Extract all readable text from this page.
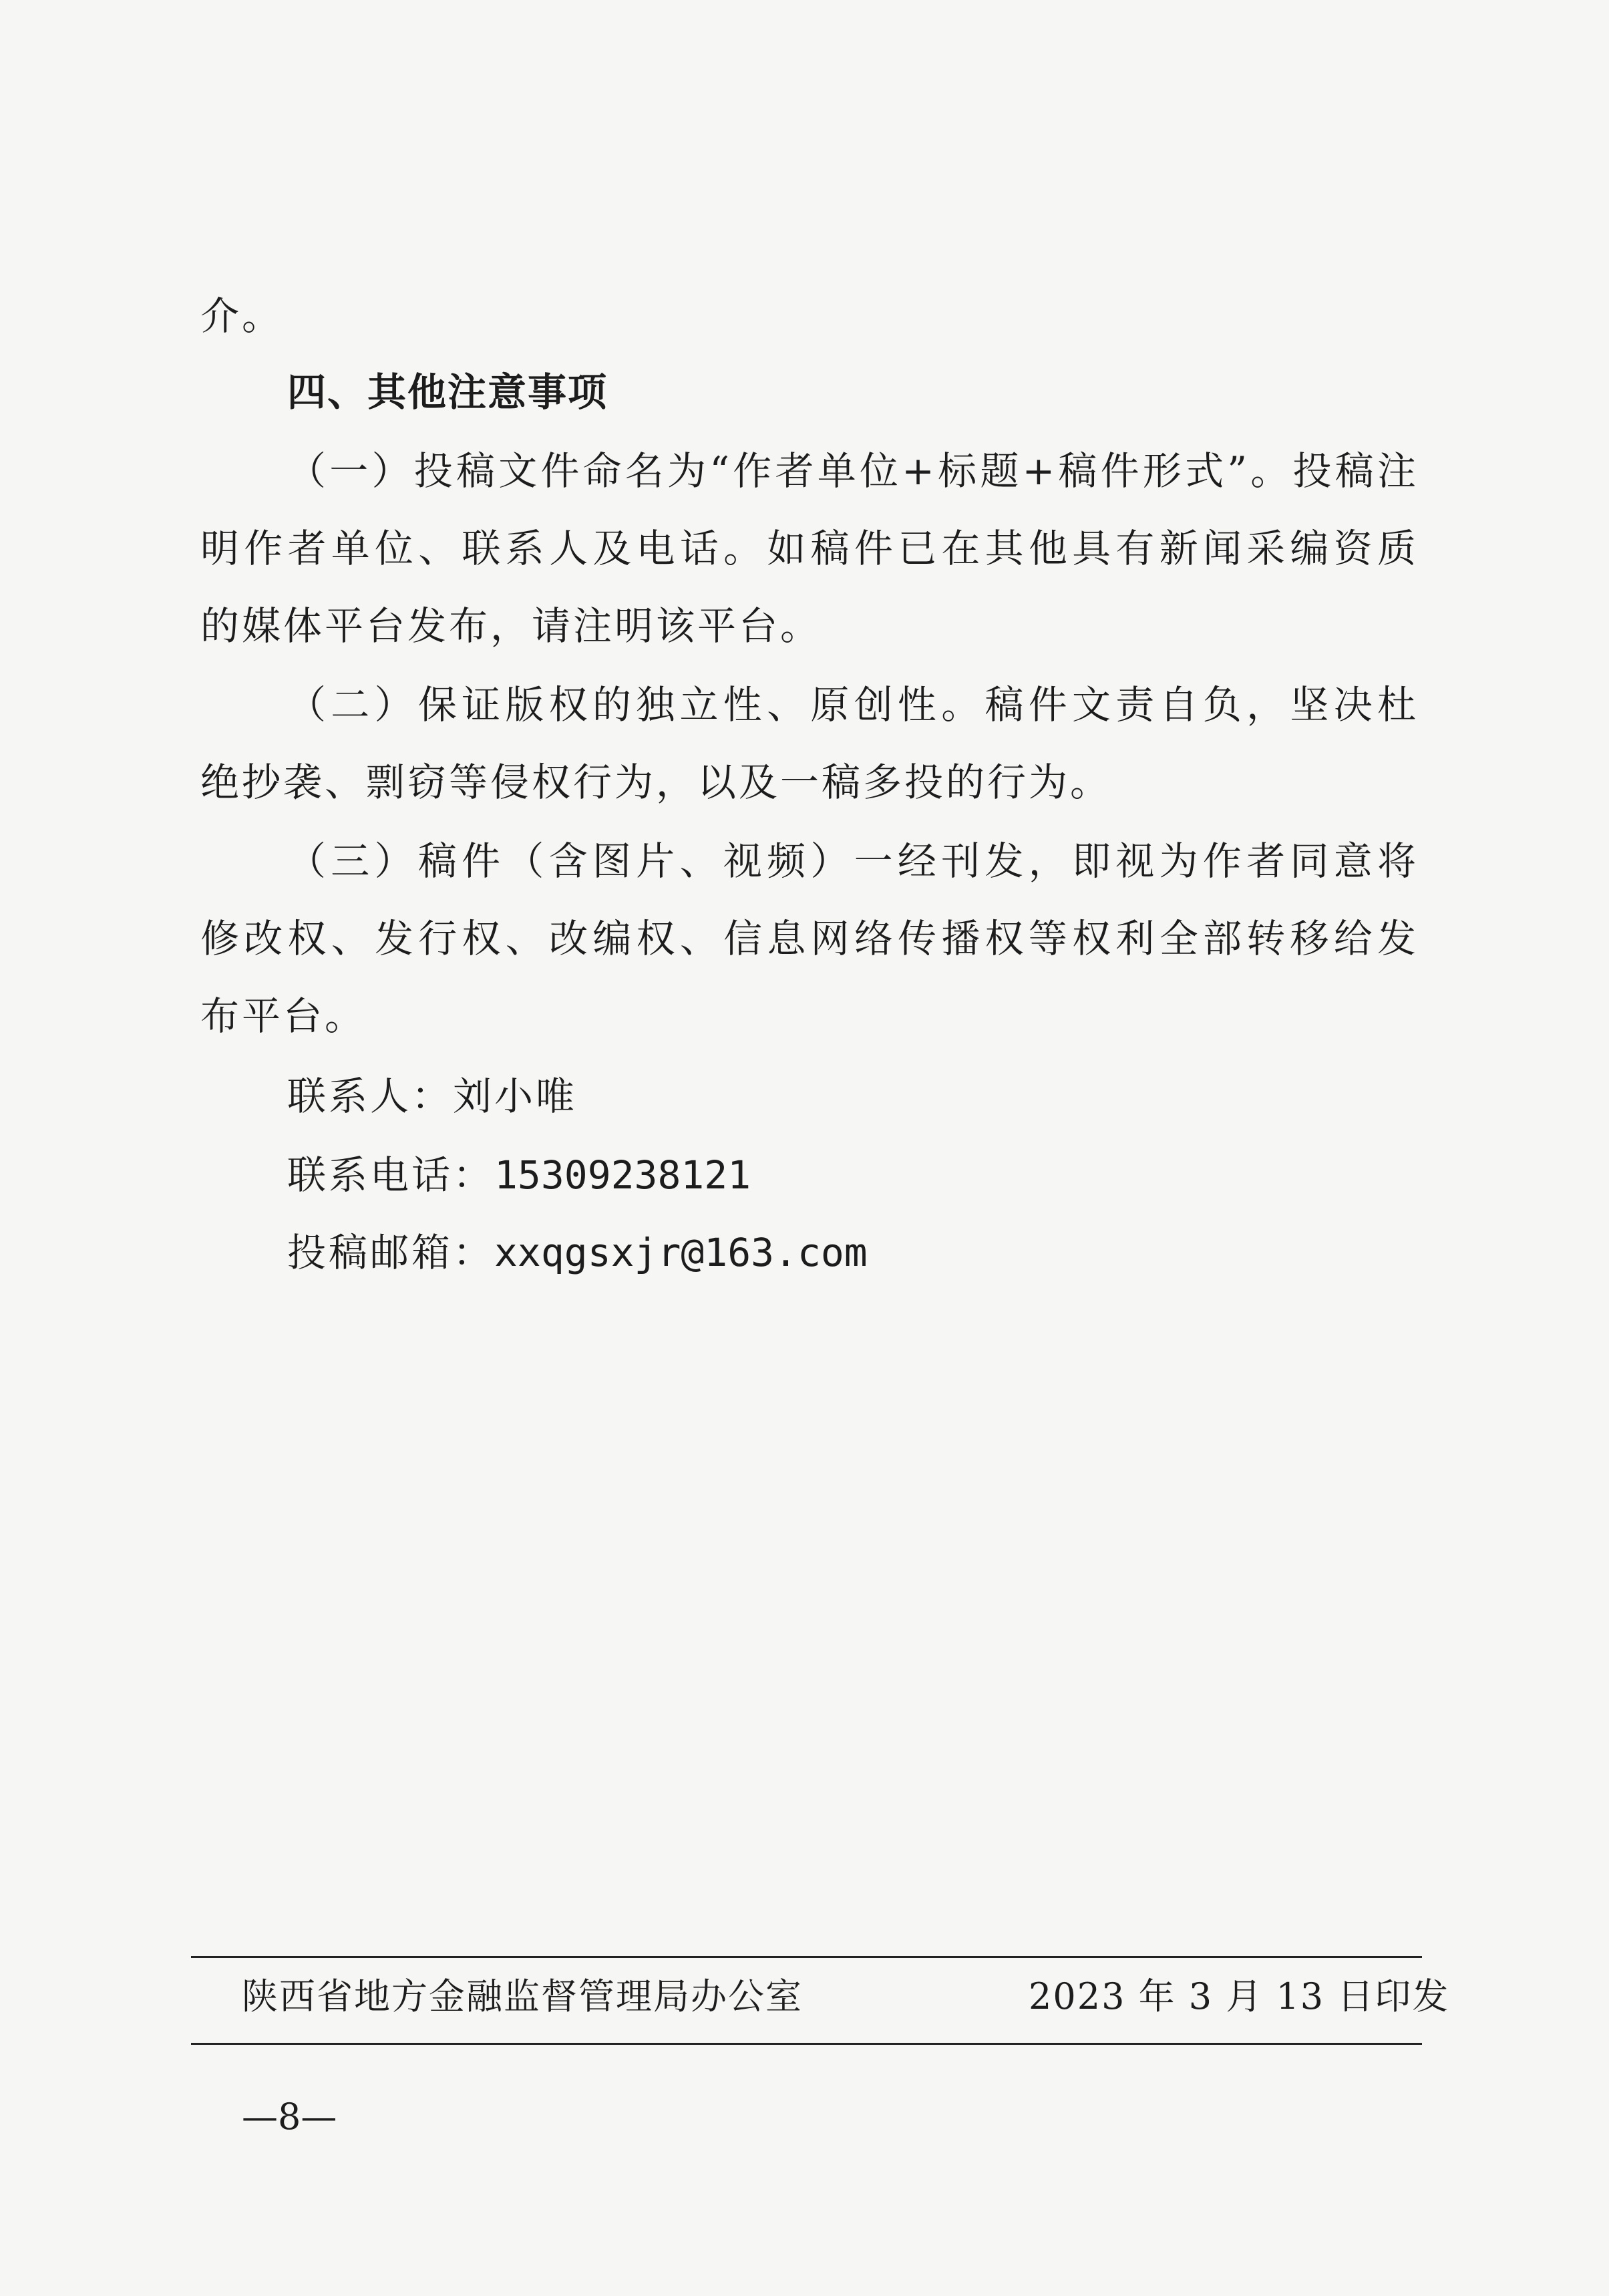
介。
四、其他注意事项
（一）投稿文件命名为“作者单位+标题+稿件形式”。投稿注
明作者单位、联系人及电话。如稿件已在其他具有新闻采编资质
的媒体平台发布，请注明该平台。
（二）保证版权的独立性、原创性。稿件文责自负，坚决杜
绝抄袭、剽窃等侵权行为，以及一稿多投的行为。
（三）稿件（含图片、视频）一经刊发，即视为作者同意将
修改权、发行权、改编权、信息网络传播权等权利全部转移给发
布平台。
联系人：刘小唯
联系电话：15309238121
投稿邮箱：xxqgsxjr@163.com
陕西省地方金融监督管理局办公室	2023 年 3 月 13 日印发
—8—
